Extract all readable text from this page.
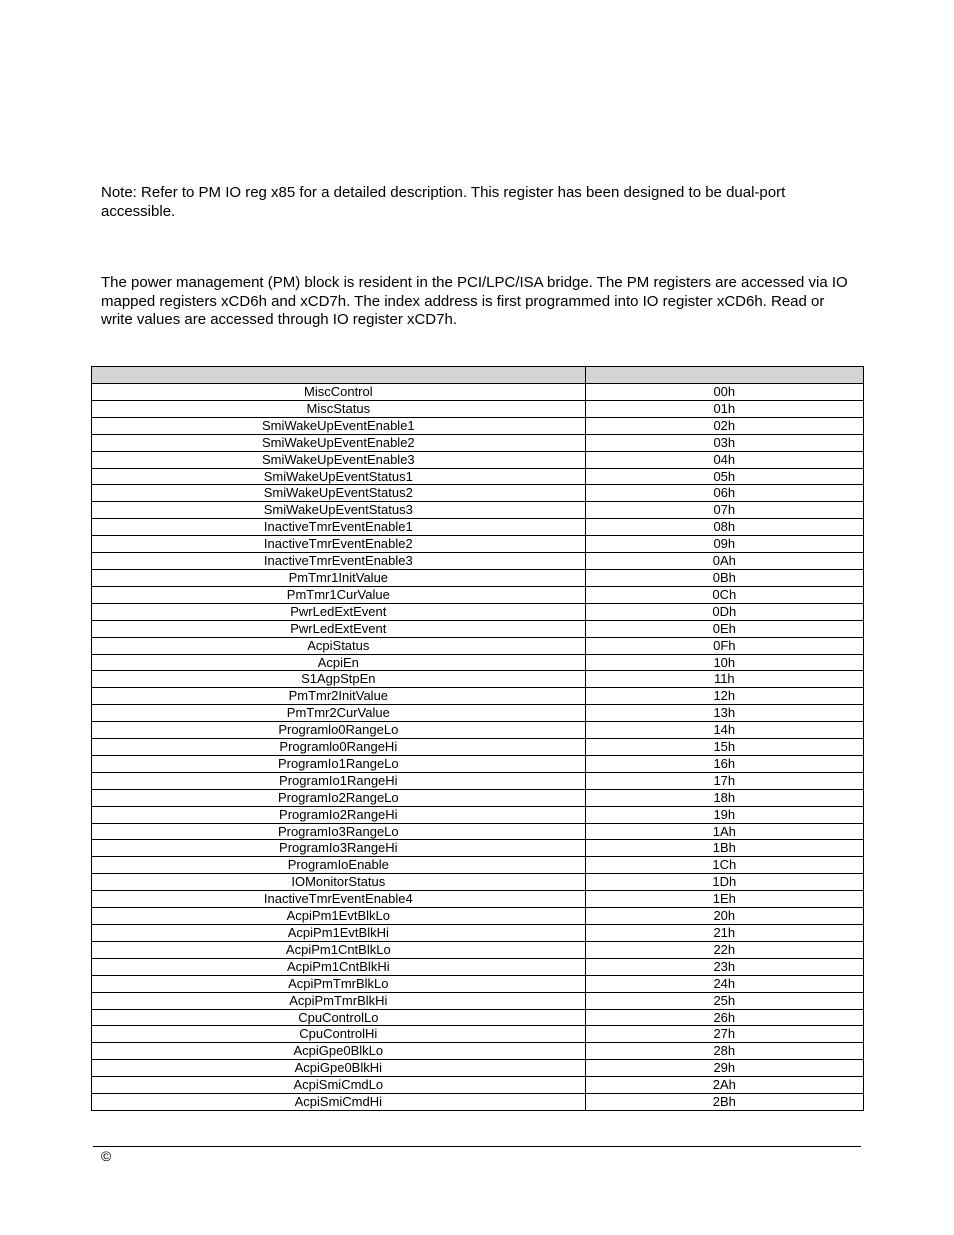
Note: Refer to PM IO reg x85 for a detailed description. This register has been designed to be dual-port accessible.

The power management (PM) block is resident in the PCI/LPC/ISA bridge. The PM registers are accessed via IO mapped registers xCD6h and xCD7h. The index address is first programmed into IO register xCD6h. Read or write values are accessed through IO register xCD7h.

MiscControl	00h
MiscStatus	01h
SmiWakeUpEventEnable1	02h
SmiWakeUpEventEnable2	03h
SmiWakeUpEventEnable3	04h
SmiWakeUpEventStatus1	05h
SmiWakeUpEventStatus2	06h
SmiWakeUpEventStatus3	07h
InactiveTmrEventEnable1	08h
InactiveTmrEventEnable2	09h
InactiveTmrEventEnable3	0Ah
PmTmr1InitValue	0Bh
PmTmr1CurValue	0Ch
PwrLedExtEvent	0Dh
PwrLedExtEvent	0Eh
AcpiStatus	0Fh
AcpiEn	10h
S1AgpStpEn	11h
PmTmr2InitValue	12h
PmTmr2CurValue	13h
Programlo0RangeLo	14h
Programlo0RangeHi	15h
ProgramIo1RangeLo	16h
ProgramIo1RangeHi	17h
ProgramIo2RangeLo	18h
ProgramIo2RangeHi	19h
ProgramIo3RangeLo	1Ah
ProgramIo3RangeHi	1Bh
ProgramIoEnable	1Ch
IOMonitorStatus	1Dh
InactiveTmrEventEnable4	1Eh
AcpiPm1EvtBlkLo	20h
AcpiPm1EvtBlkHi	21h
AcpiPm1CntBlkLo	22h
AcpiPm1CntBlkHi	23h
AcpiPmTmrBlkLo	24h
AcpiPmTmrBlkHi	25h
CpuControlLo	26h
CpuControlHi	27h
AcpiGpe0BlkLo	28h
AcpiGpe0BlkHi	29h
AcpiSmiCmdLo	2Ah
AcpiSmiCmdHi	2Bh
©
